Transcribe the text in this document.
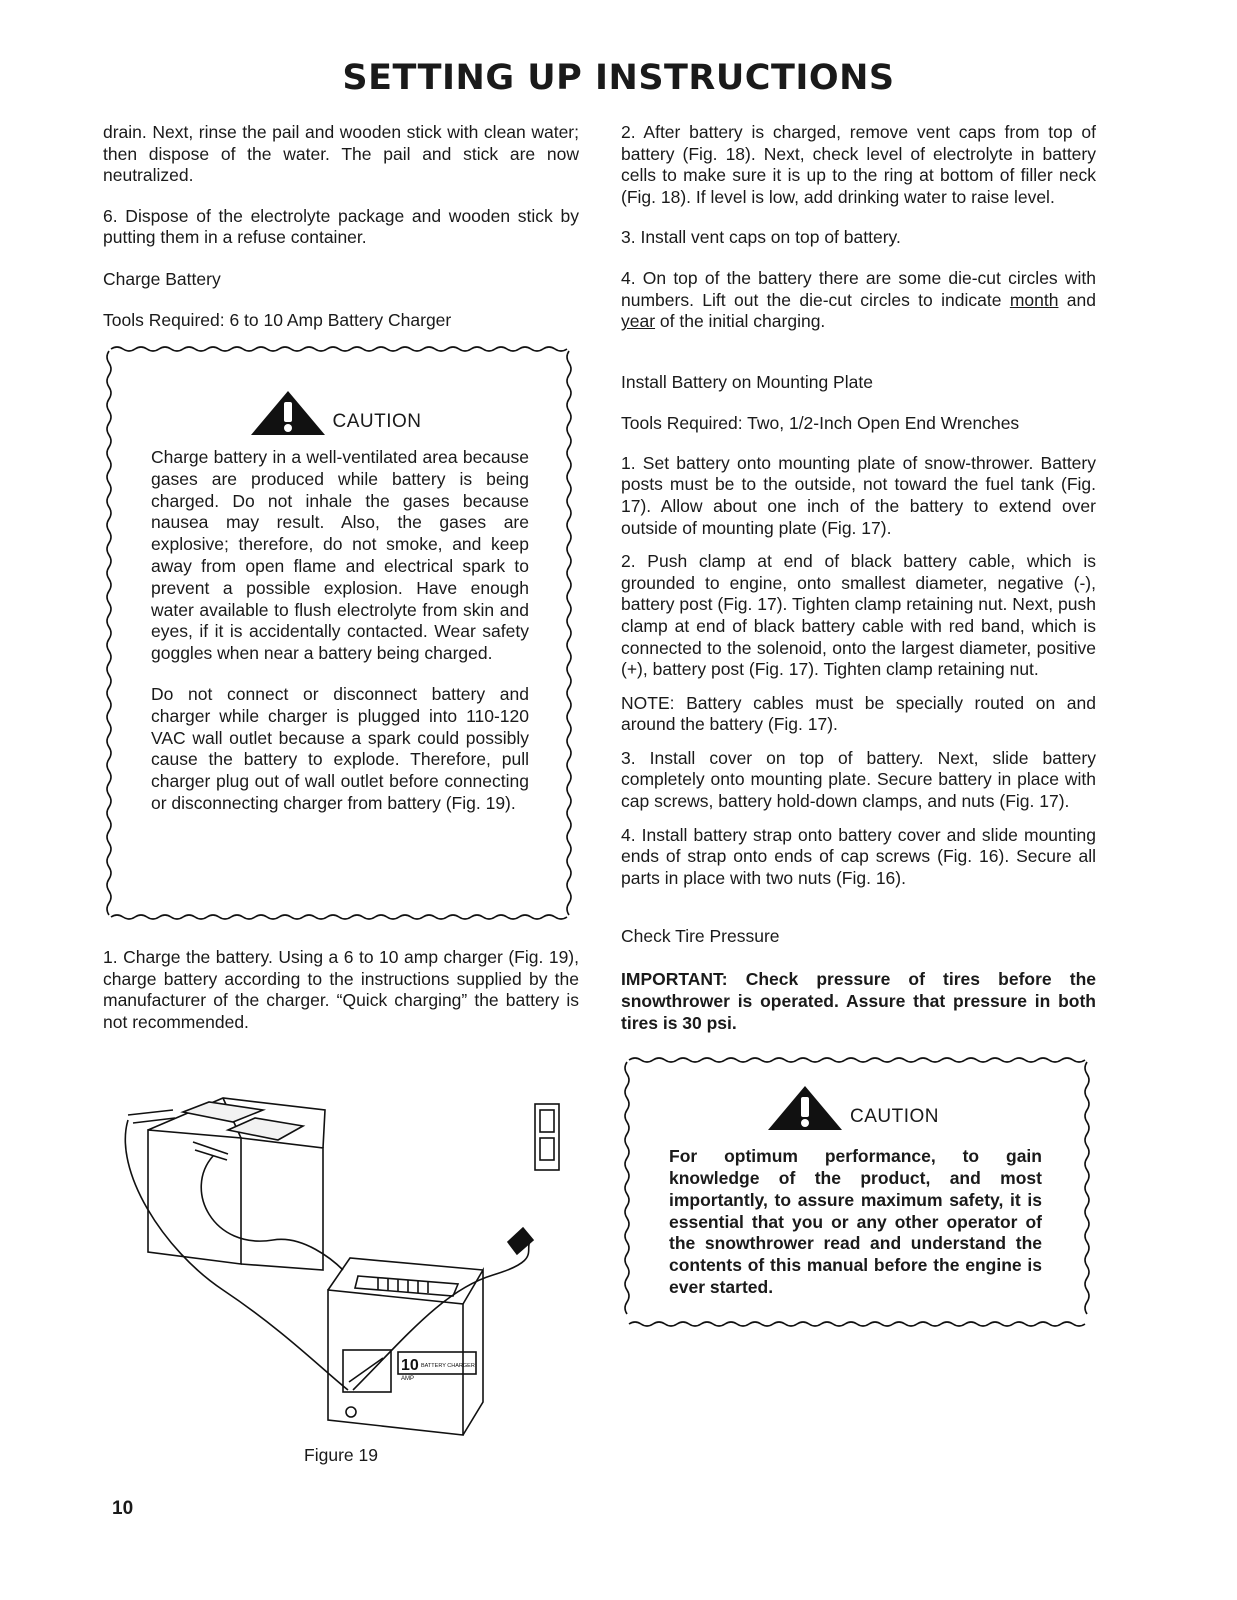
SETTING UP INSTRUCTIONS

drain. Next, rinse the pail and wooden stick with clean water; then dispose of the water. The pail and stick are now neutralized.

6. Dispose of the electrolyte package and wooden stick by putting them in a refuse container.

Charge Battery

Tools Required: 6 to 10 Amp Battery Charger

CAUTION

Charge battery in a well-ventilated area because gases are produced while battery is being charged. Do not inhale the gases because nausea may result. Also, the gases are explosive; therefore, do not smoke, and keep away from open flame and electrical spark to prevent a possible explosion. Have enough water available to flush electrolyte from skin and eyes, if it is accidentally contacted. Wear safety goggles when near a battery being charged.

Do not connect or disconnect battery and charger while charger is plugged into 110-120 VAC wall outlet because a spark could possibly cause the battery to explode. Therefore, pull charger plug out of wall outlet before connecting or disconnecting charger from battery (Fig. 19).

1. Charge the battery. Using a 6 to 10 amp charger (Fig. 19), charge battery according to the instructions supplied by the manufacturer of the charger. “Quick charging” the battery is not recommended.

10
AMP
BATTERY CHARGER
Figure 19

2. After battery is charged, remove vent caps from top of battery (Fig. 18). Next, check level of electrolyte in battery cells to make sure it is up to the ring at bottom of filler neck (Fig. 18). If level is low, add drinking water to raise level.

3. Install vent caps on top of battery.

4. On top of the battery there are some die-cut circles with numbers. Lift out the die-cut circles to indicate month and year of the initial charging.

Install Battery on Mounting Plate

Tools Required: Two, 1/2-Inch Open End Wrenches

1. Set battery onto mounting plate of snow-thrower. Battery posts must be to the outside, not toward the fuel tank (Fig. 17). Allow about one inch of the battery to extend over outside of mounting plate (Fig. 17).

2. Push clamp at end of black battery cable, which is grounded to engine, onto smallest diameter, negative (-), battery post (Fig. 17). Tighten clamp retaining nut. Next, push clamp at end of black battery cable with red band, which is connected to the solenoid, onto the largest diameter, positive (+), battery post (Fig. 17). Tighten clamp retaining nut.

NOTE: Battery cables must be specially routed on and around the battery (Fig. 17).

3. Install cover on top of battery. Next, slide battery completely onto mounting plate. Secure battery in place with cap screws, battery hold-down clamps, and nuts (Fig. 17).

4. Install battery strap onto battery cover and slide mounting ends of strap onto ends of cap screws (Fig. 16). Secure all parts in place with two nuts (Fig. 16).

Check Tire Pressure

IMPORTANT: Check pressure of tires before the snowthrower is operated. Assure that pressure in both tires is 30 psi.

CAUTION

For optimum performance, to gain knowledge of the product, and most importantly, to assure maximum safety, it is essential that you or any other operator of the snowthrower read and understand the contents of this manual before the engine is ever started.

10
